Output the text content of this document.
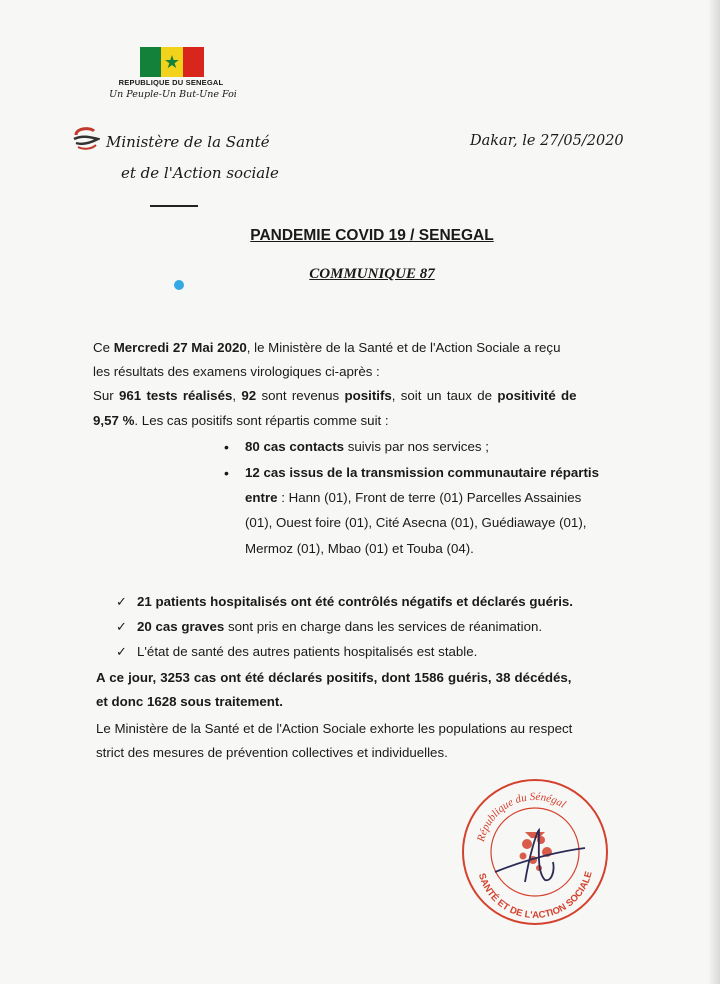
★
REPUBLIQUE DU SENEGAL
Un Peuple-Un But-Une Foi
Ministère de la Santé
et de l'Action sociale
Dakar, le 27/05/2020
PANDEMIE COVID 19 / SENEGAL
COMMUNIQUE 87
Ce Mercredi 27 Mai 2020, le Ministère de la Santé et de l'Action Sociale a reçu
les résultats des examens virologiques ci-après :
Sur 961 tests réalisés, 92 sont revenus positifs, soit un taux de positivité de
9,57 %. Les cas positifs sont répartis comme suit :
• 80 cas contacts suivis par nos services ;
• 12 cas issus de la transmission communautaire répartis
entre : Hann (01), Front de terre (01) Parcelles Assainies
(01), Ouest foire (01), Cité Asecna (01), Guédiawaye (01),
Mermoz (01), Mbao (01) et Touba (04).
✓ 21 patients hospitalisés ont été contrôlés négatifs et déclarés guéris.
✓ 20 cas graves sont pris en charge dans les services de réanimation.
✓ L'état de santé des autres patients hospitalisés est stable.
A ce jour, 3253 cas ont été déclarés positifs, dont 1586 guéris, 38 décédés,
et donc 1628 sous traitement.
Le Ministère de la Santé et de l'Action Sociale exhorte les populations au respect
strict des mesures de prévention collectives et individuelles.
République du Sénégal
SANTÉ ET DE L'ACTION SOCIALE
